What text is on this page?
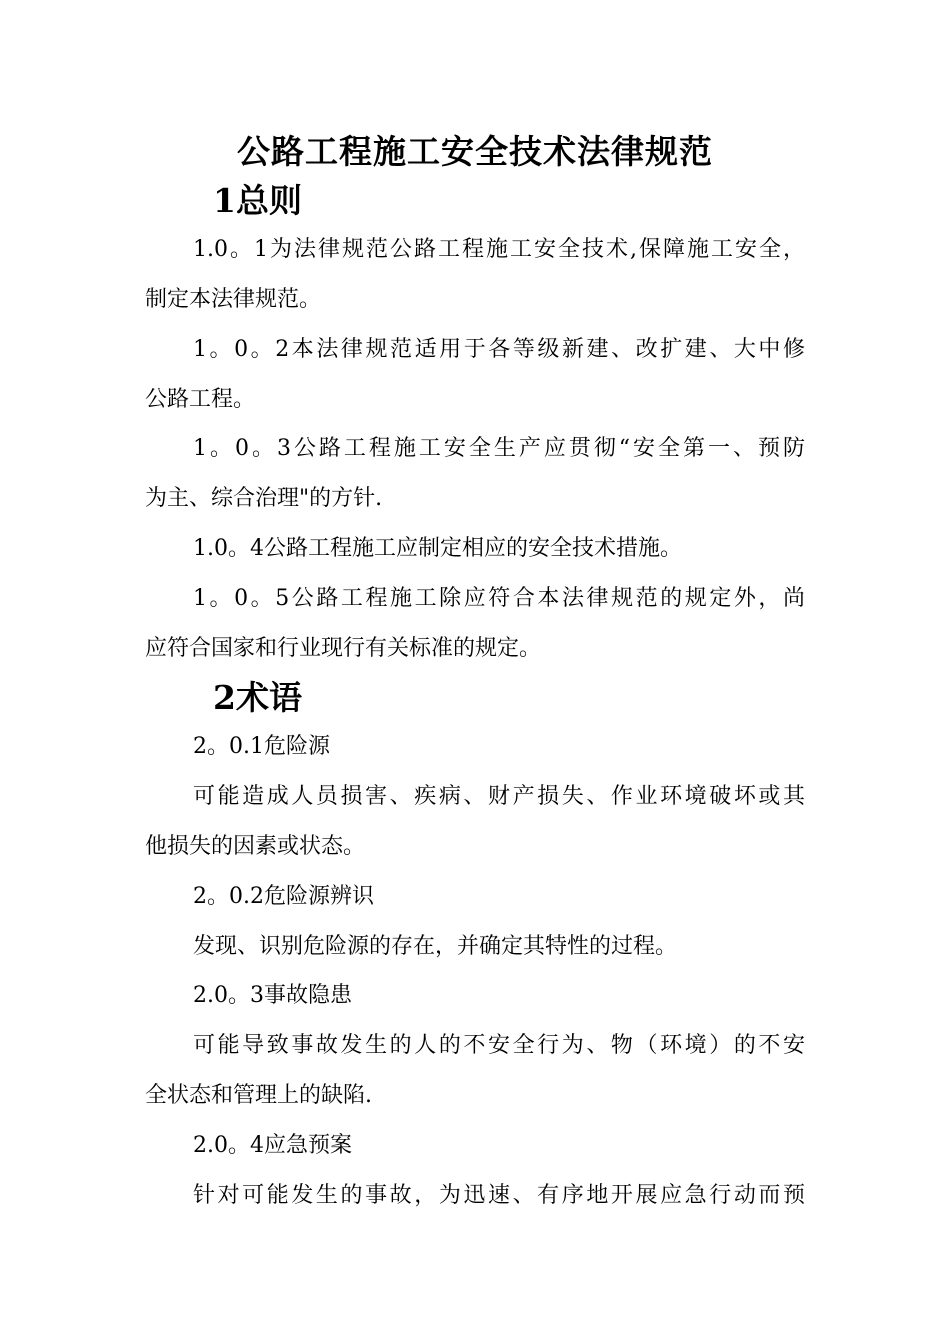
公路工程施工安全技术法律规范
1总则
1.0。1为法律规范公路工程施工安全技术,保障施工安全，
制定本法律规范。
1。0。2本法律规范适用于各等级新建、改扩建、大中修
公路工程。
1。0。3公路工程施工安全生产应贯彻“安全第一、预防
为主、综合治理"的方针.
1.0。4公路工程施工应制定相应的安全技术措施。
1。0。5公路工程施工除应符合本法律规范的规定外，尚
应符合国家和行业现行有关标准的规定。
2术语
2。0.1危险源
可能造成人员损害、疾病、财产损失、作业环境破坏或其
他损失的因素或状态。
2。0.2危险源辨识
发现、识别危险源的存在，并确定其特性的过程。
2.0。3事故隐患
可能导致事故发生的人的不安全行为、物（环境）的不安
全状态和管理上的缺陷.
2.0。4应急预案
针对可能发生的事故，为迅速、有序地开展应急行动而预
